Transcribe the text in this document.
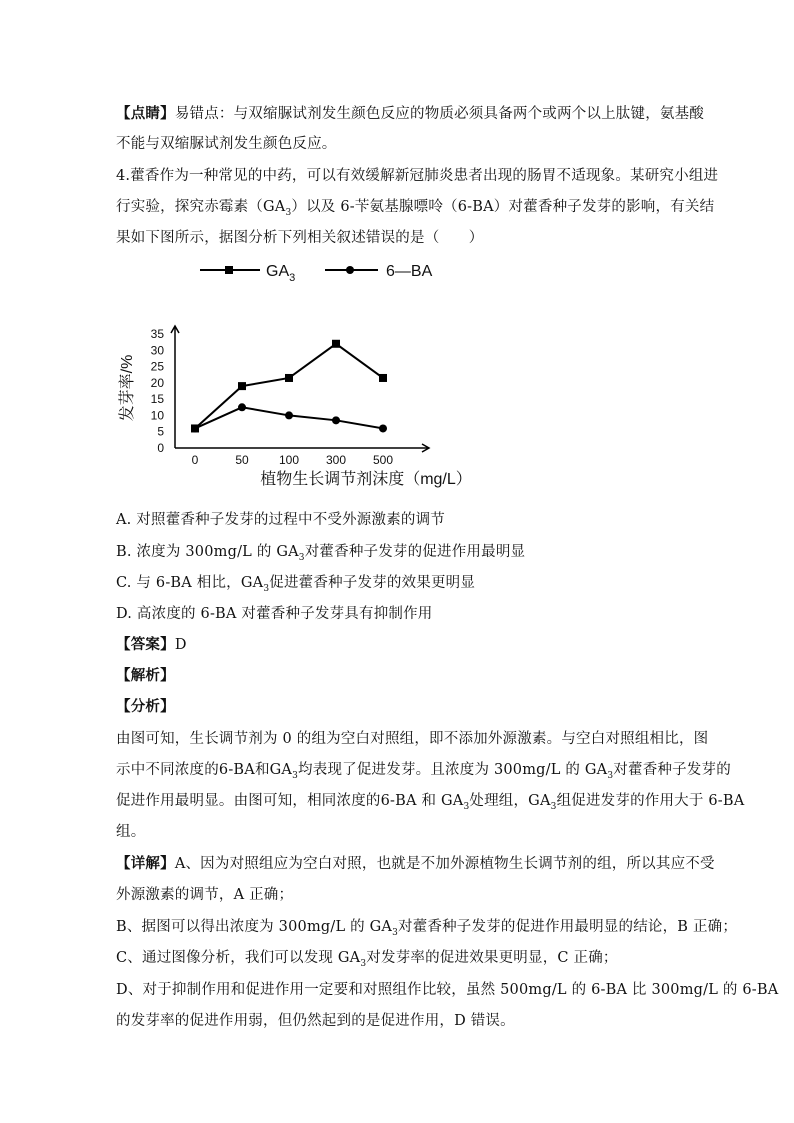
【点睛】易错点：与双缩脲试剂发生颜色反应的物质必须具备两个或两个以上肽键，氨基酸
不能与双缩脲试剂发生颜色反应。
4.藿香作为一种常见的中药，可以有效缓解新冠肺炎患者出现的肠胃不适现象。某研究小组进
行实验，探究赤霉素$(GA_3)$以及 6-苄氨基腺嘌呤（6-BA）对藿香种子发芽的影响，有关结
果如下图所示，据图分析下列相关叙述错误的是（　　）
$GA_3$	6—BA
0
5
10
15
20
25
30
35
0	50	100 300 500
发芽率/%
植物生长调节剂沫度（mg/L）
A. 对照藿香种子发芽的过程中不受外源激素的调节
B. 浓度为 300mg/L 的 $GA_3$对藿香种子发芽的促进作用最明显
C. 与 6-BA 相比，$GA_3$促进藿香种子发芽的效果更明显
D. 高浓度的 6-BA 对藿香种子发芽具有抑制作用
【答案】D
【解析】
【分析】
由图可知，生长调节剂为 0 的组为空白对照组，即不添加外源激素。与空白对照组相比，图
示中不同浓度的6-BA和$GA_3$均表现了促进发芽。且浓度为 300mg/L 的 $GA_3$对藿香种子发芽的
促进作用最明显。由图可知，相同浓度的6-BA 和 $GA_3$处理组，$GA_3$组促进发芽的作用大于 6-BA
组。
【详解】A、因为对照组应为空白对照，也就是不加外源植物生长调节剂的组，所以其应不受
外源激素的调节，A 正确；
B、据图可以得出浓度为 300mg/L 的 $GA_3$对藿香种子发芽的促进作用最明显的结论，B 正确；
C、通过图像分析，我们可以发现 $GA_3$对发芽率的促进效果更明显，C 正确；
D、对于抑制作用和促进作用一定要和对照组作比较，虽然 500mg/L 的 6-BA 比 300mg/L 的 6-BA
的发芽率的促进作用弱，但仍然起到的是促进作用，D 错误。
